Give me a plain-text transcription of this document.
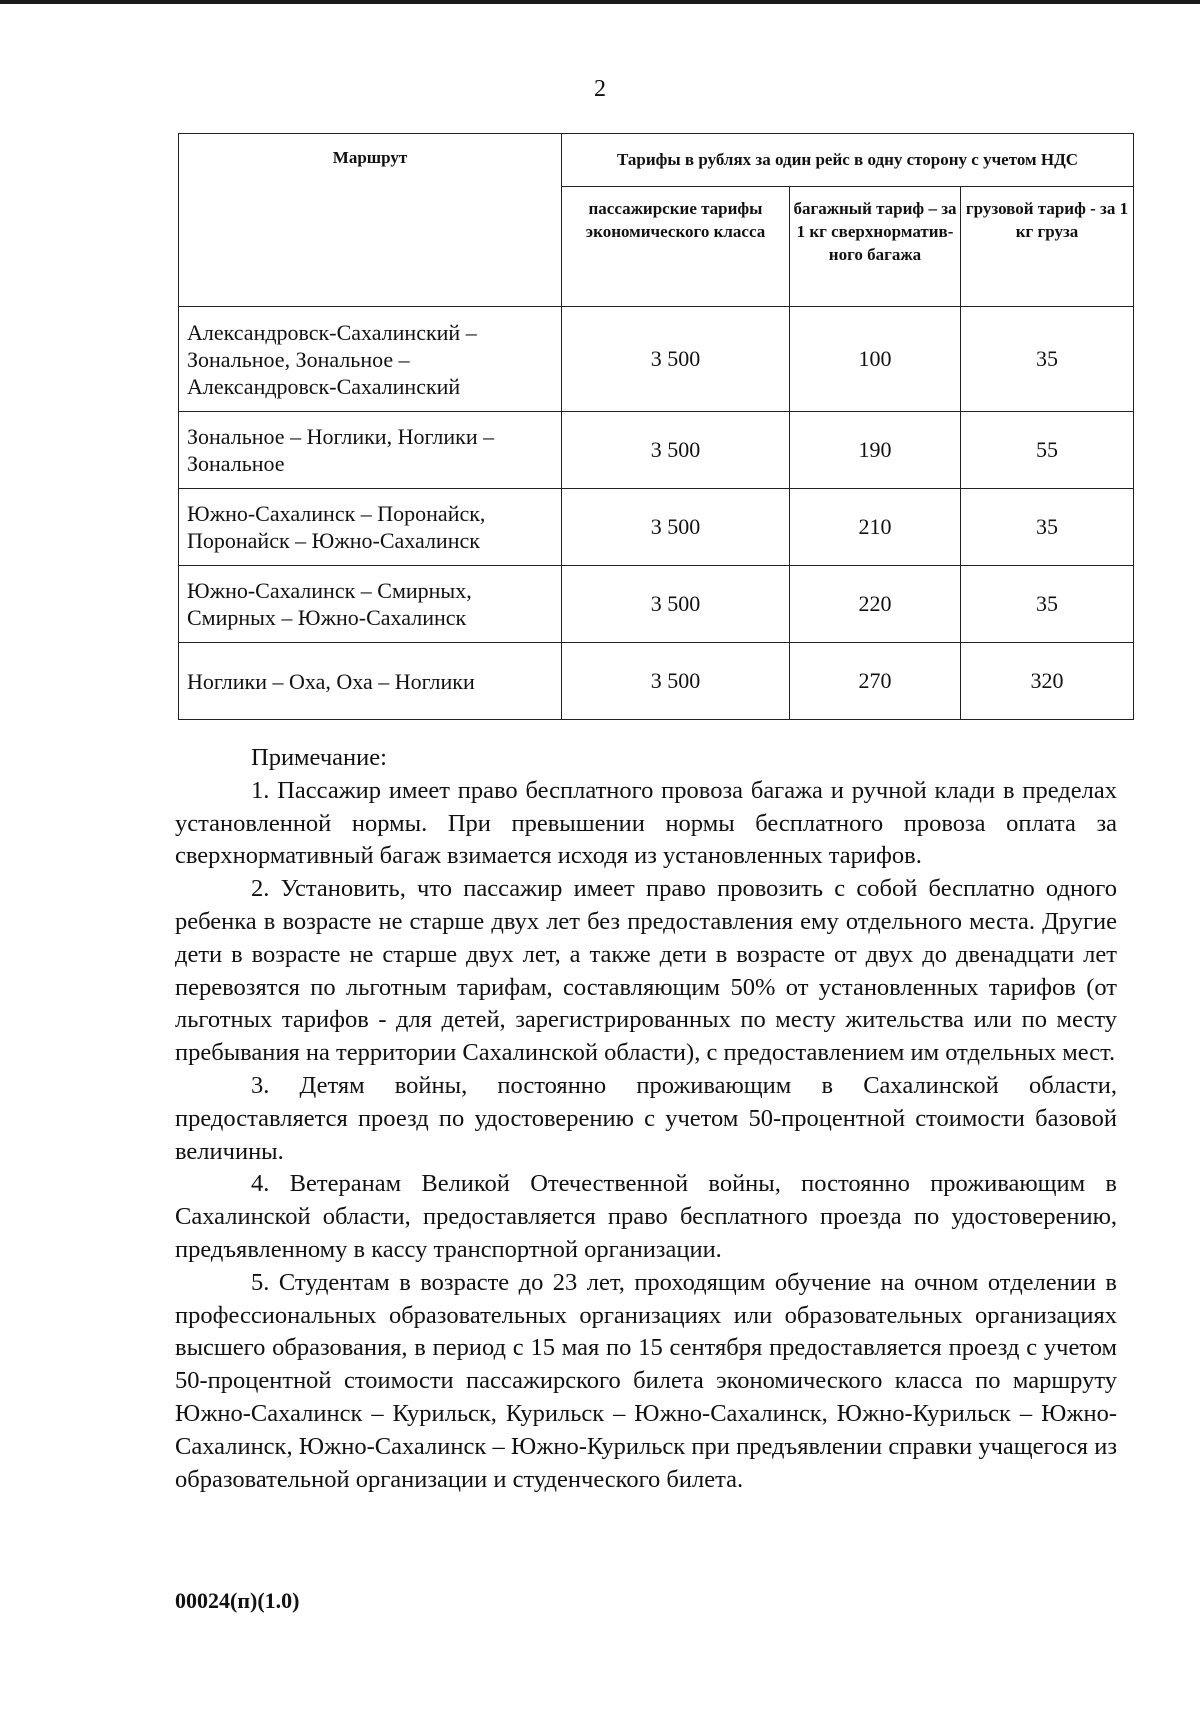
2
Маршрут	Тарифы в рублях за один рейс в одну сторону с учетом НДС		
	пассажирские тарифы экономического класса	багажный тариф – за 1 кг сверхнорматив-ного багажа	грузовой тариф - за 1 кг груза
Александровск-Сахалинский – Зональное, Зональное – Александровск-Сахалинский	3 500	100	35
Зональное – Ноглики, Ноглики – Зональное	3 500	190	55
Южно-Сахалинск – Поронайск, Поронайск – Южно-Сахалинск	3 500	210	35
Южно-Сахалинск – Смирных, Смирных – Южно-Сахалинск	3 500	220	35
Ноглики – Оха, Оха – Ноглики	3 500	270	320

Примечание:

1. Пассажир имеет право бесплатного провоза багажа и ручной клади в пределах установленной нормы. При превышении нормы бесплатного провоза оплата за сверхнормативный багаж взимается исходя из установленных тарифов.

2. Установить, что пассажир имеет право провозить с собой бесплатно одного ребенка в возрасте не старше двух лет без предоставления ему отдельного места. Другие дети в возрасте не старше двух лет, а также дети в возрасте от двух до двенадцати лет перевозятся по льготным тарифам, составляющим 50% от установленных тарифов (от льготных тарифов - для детей, зарегистрированных по месту жительства или по месту пребывания на территории Сахалинской области), с предоставлением им отдельных мест.

3. Детям войны, постоянно проживающим в Сахалинской области, предоставляется проезд по удостоверению с учетом 50-процентной стоимости базовой величины.

4. Ветеранам Великой Отечественной войны, постоянно проживающим в Сахалинской области, предоставляется право бесплатного проезда по удостоверению, предъявленному в кассу транспортной организации.

5. Студентам в возрасте до 23 лет, проходящим обучение на очном отделении в профессиональных образовательных организациях или образовательных организациях высшего образования, в период с 15 мая по 15 сентября предоставляется проезд с учетом 50-процентной стоимости пассажирского билета экономического класса по маршруту Южно-Сахалинск – Курильск, Курильск – Южно-Сахалинск, Южно-Курильск – Южно-Сахалинск, Южно-Сахалинск – Южно-Курильск при предъявлении справки учащегося из образовательной организации и студенческого билета.

00024(п)(1.0)
